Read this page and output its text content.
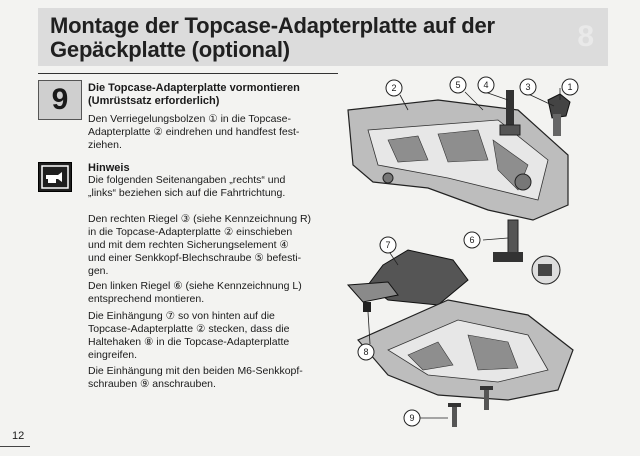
Montage der Topcase-Adapterplatte auf der
Gepäckplatte (optional)	8
9	Die Topcase-Adapterplatte vormontieren
(Umrüstsatz erforderlich)

Den Verriegelungsbolzen ① in die Topcase-
Adapterplatte ② eindrehen und handfest fest-
ziehen.

Hinweis

Die folgenden Seitenangaben „rechts“ und
„links“ beziehen sich auf die Fahrtrichtung.

Den rechten Riegel ③ (siehe Kennzeichnung R)
in die Topcase-Adapterplatte ② einschieben
und mit dem rechten Sicherungselement ④
und einer Senkkopf-Blechschraube ⑤ befesti-
gen.

Den linken Riegel ⑥ (siehe Kennzeichnung L)
entsprechend montieren.

Die Einhängung ⑦ so von hinten auf die
Topcase-Adapterplatte ② stecken, dass die
Haltehaken ⑧ in die Topcase-Adapterplatte
eingreifen.

Die Einhängung mit den beiden M6-Senkkopf-
schrauben ⑨ anschrauben.

2	5	4	3	1
6
7
8
9
12
